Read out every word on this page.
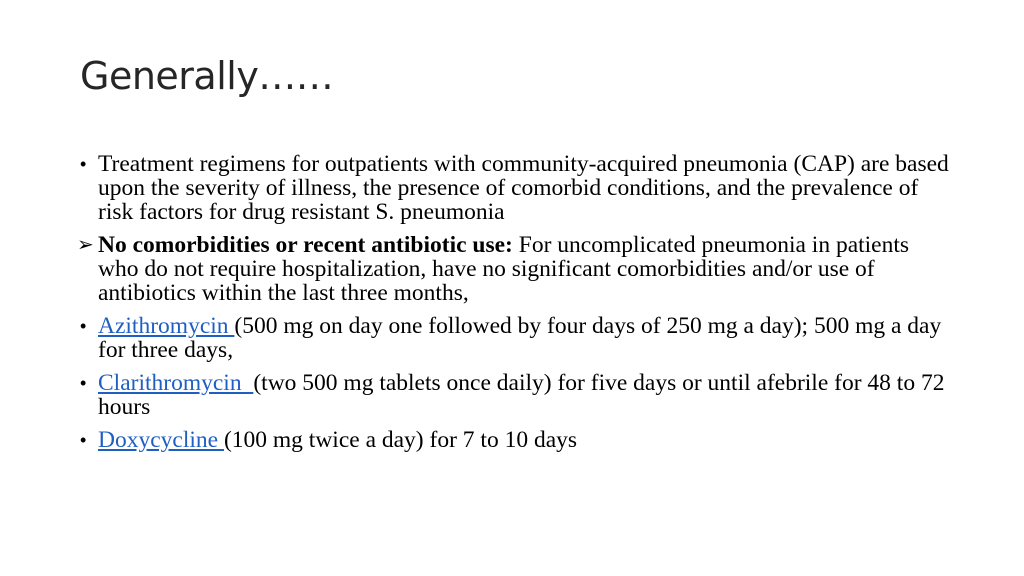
Generally……
• Treatment regimens for outpatients with community-acquired pneumonia (CAP) are based upon the severity of illness, the presence of comorbid conditions, and the prevalence of risk factors for drug resistant S. pneumonia
➢ No comorbidities or recent antibiotic use: For uncomplicated pneumonia in patients who do not require hospitalization, have no significant comorbidities and/or use of antibiotics within the last three months,
• Azithromycin (500 mg on day one followed by four days of 250 mg a day); 500 mg a day for three days,
• Clarithromycin  (two 500 mg tablets once daily) for five days or until afebrile for 48 to 72 hours
• Doxycycline (100 mg twice a day) for 7 to 10 days
